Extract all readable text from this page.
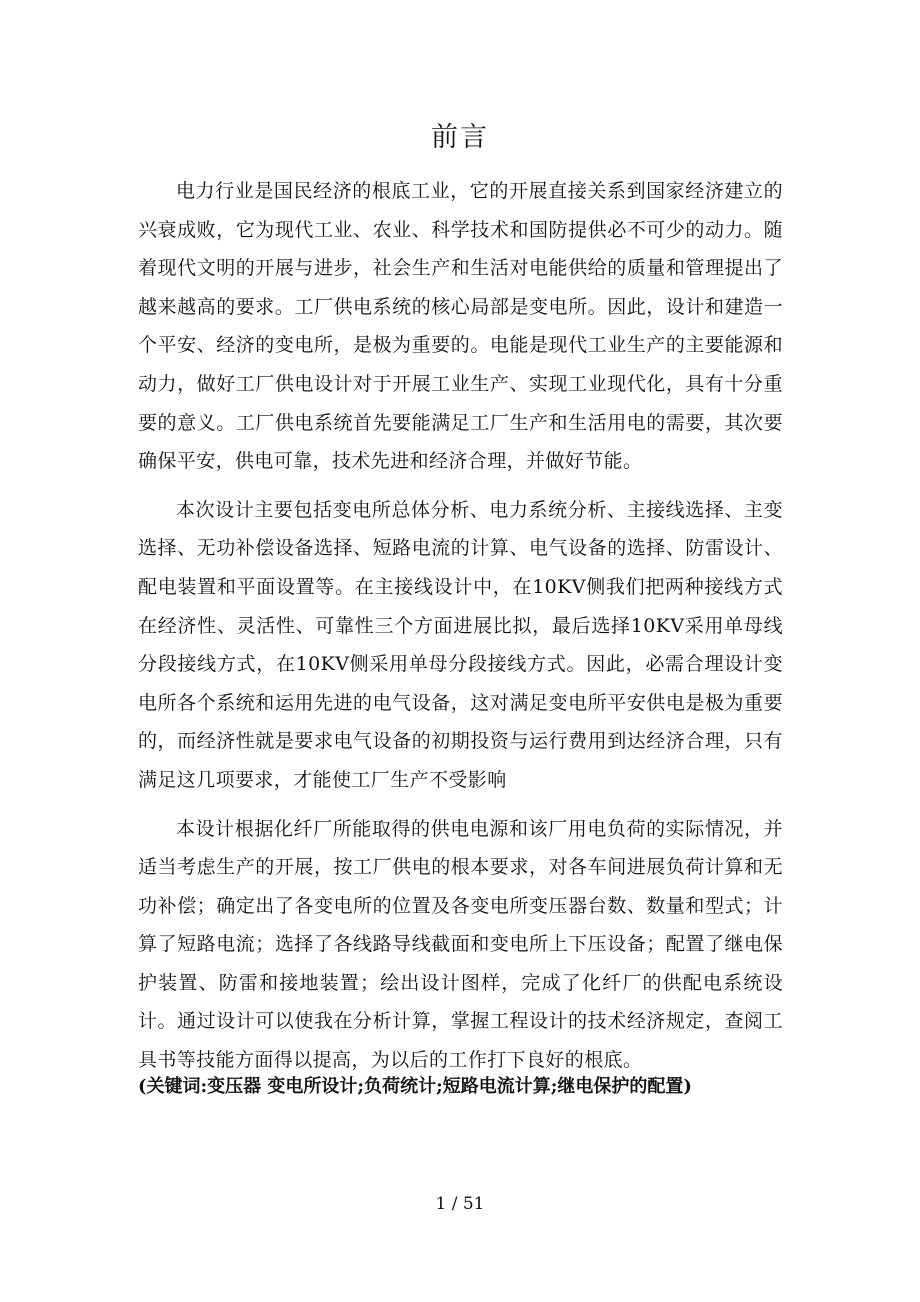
前言

电力行业是国民经济的根底工业，它的开展直接关系到国家经济建立的兴衰成败，它为现代工业、农业、科学技术和国防提供必不可少的动力。随着现代文明的开展与进步，社会生产和生活对电能供给的质量和管理提出了越来越高的要求。工厂供电系统的核心局部是变电所。因此，设计和建造一个平安、经济的变电所，是极为重要的。电能是现代工业生产的主要能源和动力，做好工厂供电设计对于开展工业生产、实现工业现代化，具有十分重要的意义。工厂供电系统首先要能满足工厂生产和生活用电的需要，其次要确保平安，供电可靠，技术先进和经济合理，并做好节能。

本次设计主要包括变电所总体分析、电力系统分析、主接线选择、主变选择、无功补偿设备选择、短路电流的计算、电气设备的选择、防雷设计、配电装置和平面设置等。在主接线设计中，在10KV侧我们把两种接线方式在经济性、灵活性、可靠性三个方面进展比拟，最后选择10KV采用单母线分段接线方式，在10KV侧采用单母分段接线方式。因此，必需合理设计变电所各个系统和运用先进的电气设备，这对满足变电所平安供电是极为重要的，而经济性就是要求电气设备的初期投资与运行费用到达经济合理，只有满足这几项要求，才能使工厂生产不受影响

本设计根据化纤厂所能取得的供电电源和该厂用电负荷的实际情况，并适当考虑生产的开展，按工厂供电的根本要求，对各车间进展负荷计算和无功补偿；确定出了各变电所的位置及各变电所变压器台数、数量和型式；计算了短路电流；选择了各线路导线截面和变电所上下压设备；配置了继电保护装置、防雷和接地装置；绘出设计图样，完成了化纤厂的供配电系统设计。通过设计可以使我在分析计算，掌握工程设计的技术经济规定，查阅工具书等技能方面得以提高，为以后的工作打下良好的根底。

(关键词:变压器 变电所设计;负荷统计;短路电流计算;继电保护的配置)
1 / 51
